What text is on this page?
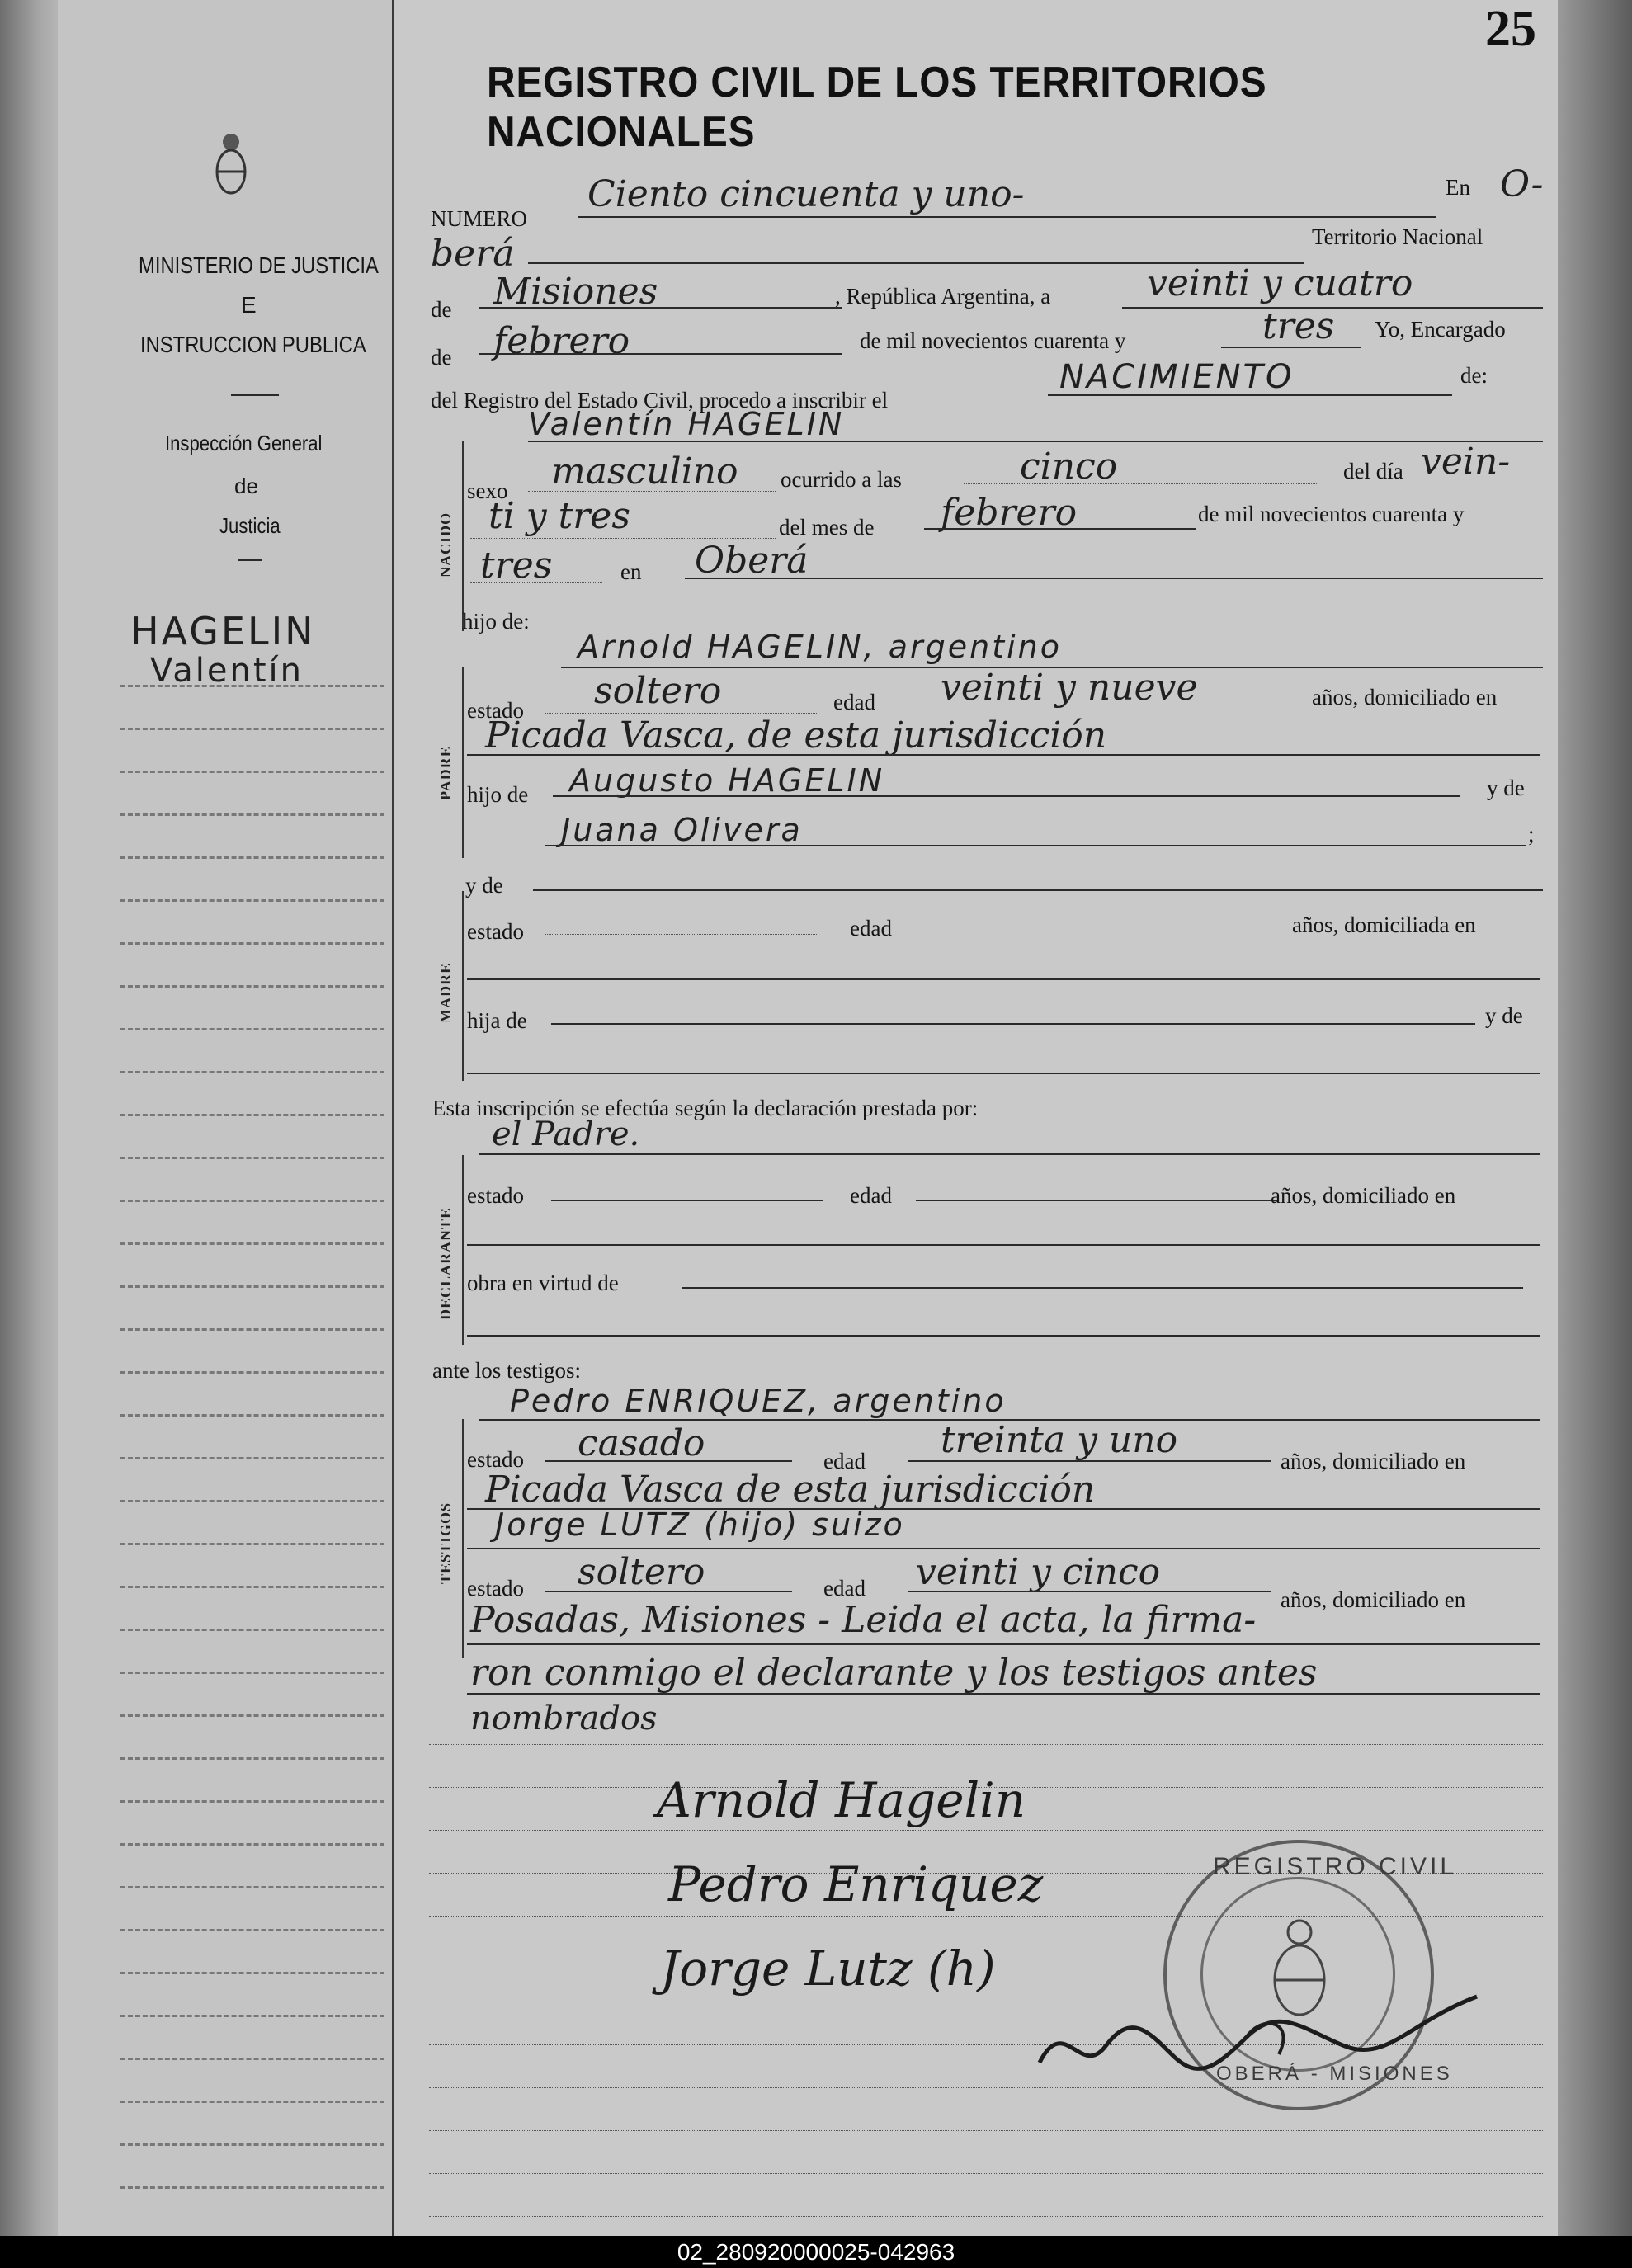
MINISTERIO DE JUSTICIA
E
INSTRUCCION PUBLICA
Inspección General
de
Justicia
HAGELIN
Valentín
25
REGISTRO CIVIL DE LOS TERRITORIOS NACIONALES
NUMERO
Ciento cincuenta y uno-	En O-
berá	Territorio Nacional
de Misiones	, República Argentina, a	veinti y cuatro
de febrero	de mil novecientos cuarenta y	tres Yo, Encargado
del Registro del Estado Civil, procedo a inscribir el
NACIMIENTO	de:
Valentín HAGELIN
NACIDO
sexo masculino ocurrido a las	cinco	del día vein-
ti y tres	del mes de febrero	de mil novecientos cuarenta y
tres	en Oberá
hijo de:
Arnold HAGELIN, argentino
PADRE
estado soltero	edad veinti y nueve	años, domiciliado en
Picada Vasca, de esta jurisdicción
hijo de Augusto HAGELIN	y de
Juana Olivera	;
y de
MADRE
estado	edad	años, domiciliada en
hija de	y de
Esta inscripción se efectúa según la declaración prestada por:
el Padre.
DECLARANTE
estado	edad	años, domiciliado en
obra en virtud de
ante los testigos:
Pedro ENRIQUEZ, argentino
TESTIGOS
estado casado	edad treinta y uno	años, domiciliado en
Picada Vasca de esta jurisdicción
Jorge LUTZ (hijo) suizo
estado soltero	edad veinti y cinco
años, domiciliado en
Posadas, Misiones - Leida el acta, la firma-
ron conmigo el declarante y los testigos antes
nombrados
Arnold Hagelin
Pedro Enriquez
Jorge Lutz (h)
REGISTRO CIVIL
OBERÁ - MISIONES
02_280920000025-042963
